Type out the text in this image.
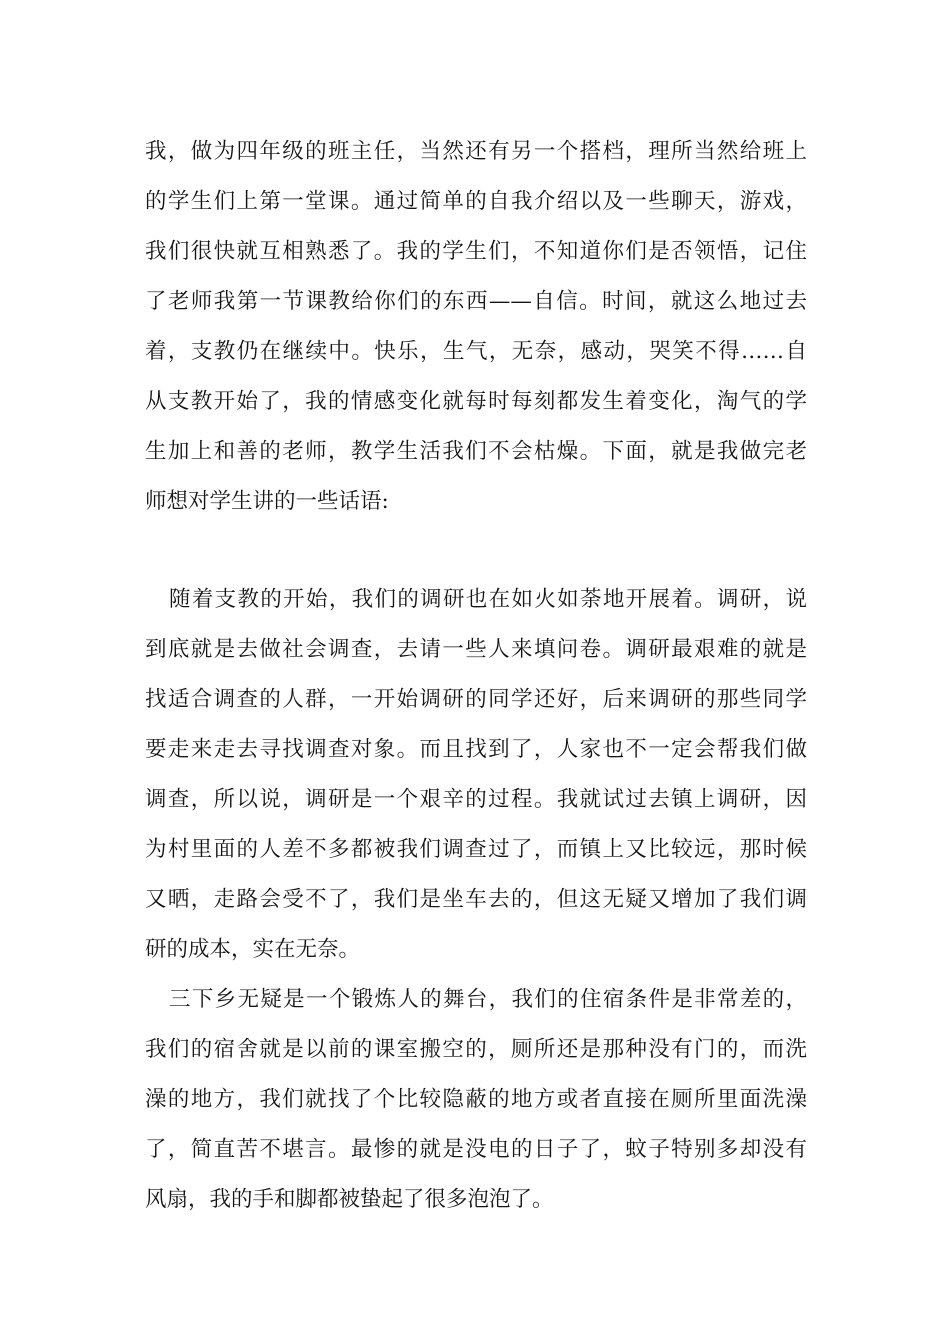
我，做为四年级的班主任，当然还有另一个搭档，理所当然给班上
的学生们上第一堂课。通过简单的自我介绍以及一些聊天，游戏，
我们很快就互相熟悉了。我的学生们，不知道你们是否领悟，记住
了老师我第一节课教给你们的东西——自信。时间，就这么地过去
着，支教仍在继续中。快乐，生气，无奈，感动，哭笑不得……自
从支教开始了，我的情感变化就每时每刻都发生着变化，淘气的学
生加上和善的老师，教学生活我们不会枯燥。下面，就是我做完老
师想对学生讲的一些话语:
随着支教的开始，我们的调研也在如火如荼地开展着。调研，说
到底就是去做社会调查，去请一些人来填问卷。调研最艰难的就是
找适合调查的人群，一开始调研的同学还好，后来调研的那些同学
要走来走去寻找调查对象。而且找到了，人家也不一定会帮我们做
调查，所以说，调研是一个艰辛的过程。我就试过去镇上调研，因
为村里面的人差不多都被我们调查过了，而镇上又比较远，那时候
又晒，走路会受不了，我们是坐车去的，但这无疑又增加了我们调
研的成本，实在无奈。
三下乡无疑是一个锻炼人的舞台，我们的住宿条件是非常差的，
我们的宿舍就是以前的课室搬空的，厕所还是那种没有门的，而洗
澡的地方，我们就找了个比较隐蔽的地方或者直接在厕所里面洗澡
了，简直苦不堪言。最惨的就是没电的日子了，蚊子特别多却没有
风扇，我的手和脚都被蛰起了很多泡泡了。
